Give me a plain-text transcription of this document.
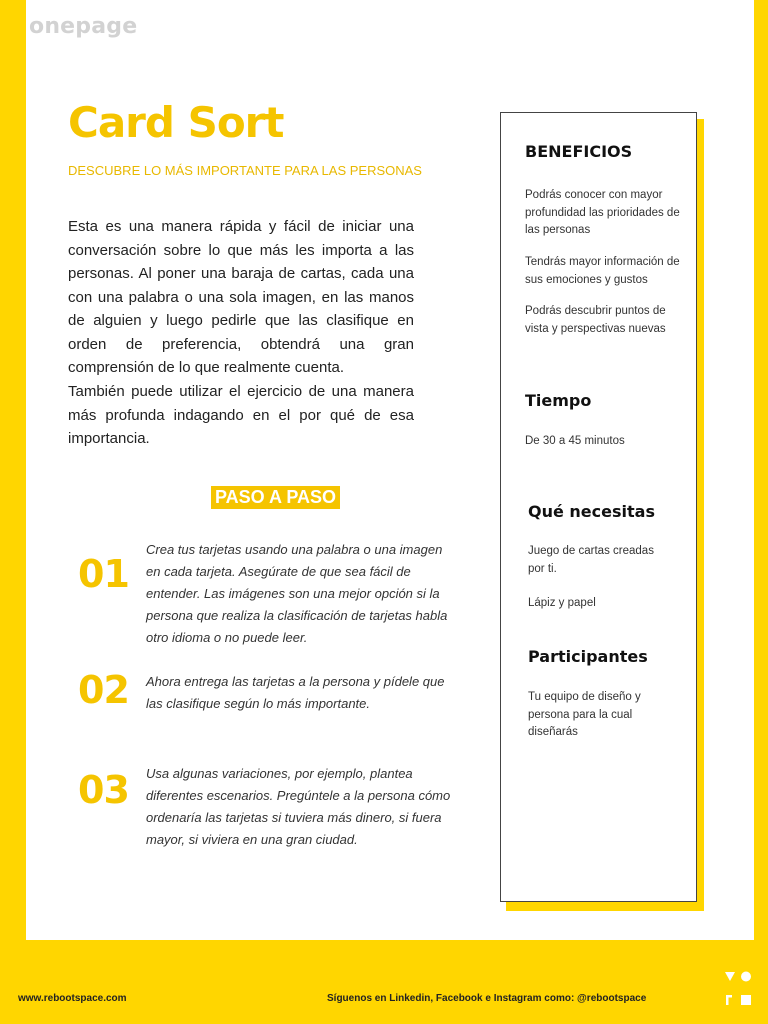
onepage
Card Sort
DESCUBRE LO MÁS IMPORTANTE PARA LAS PERSONAS
Esta es una manera rápida y fácil de iniciar una conversación sobre lo que más les importa a las personas. Al poner una baraja de cartas, cada una con una palabra o una sola imagen, en las manos de alguien y luego pedirle que las clasifique en orden de preferencia, obtendrá una gran comprensión de lo que realmente cuenta.
También puede utilizar el ejercicio de una manera más profunda indagando en el por qué de esa importancia.
PASO A PASO
01
Crea tus tarjetas usando una palabra o una imagen en cada tarjeta. Asegúrate de que sea fácil de entender. Las imágenes son una mejor opción si la persona que realiza la clasificación de tarjetas habla otro idioma o no puede leer.
02 Ahora entrega las tarjetas a la persona y pídele que las clasifique según lo más importante.
03 Usa algunas variaciones, por ejemplo, plantea diferentes escenarios. Pregúntele a la persona cómo ordenaría las tarjetas si tuviera más dinero, si fuera mayor, si viviera en una gran ciudad.
BENEFICIOS
Podrás conocer con mayor profundidad las prioridades de las personas
Tendrás mayor información de sus emociones y gustos
Podrás descubrir puntos de vista y perspectivas nuevas
Tiempo
De 30 a 45 minutos
Qué necesitas
Juego de cartas creadas por ti.
Lápiz y papel
Participantes
Tu equipo de diseño y persona para la cual diseñarás
www.rebootspace.com	Síguenos en Linkedin, Facebook e Instagram como: @rebootspace
